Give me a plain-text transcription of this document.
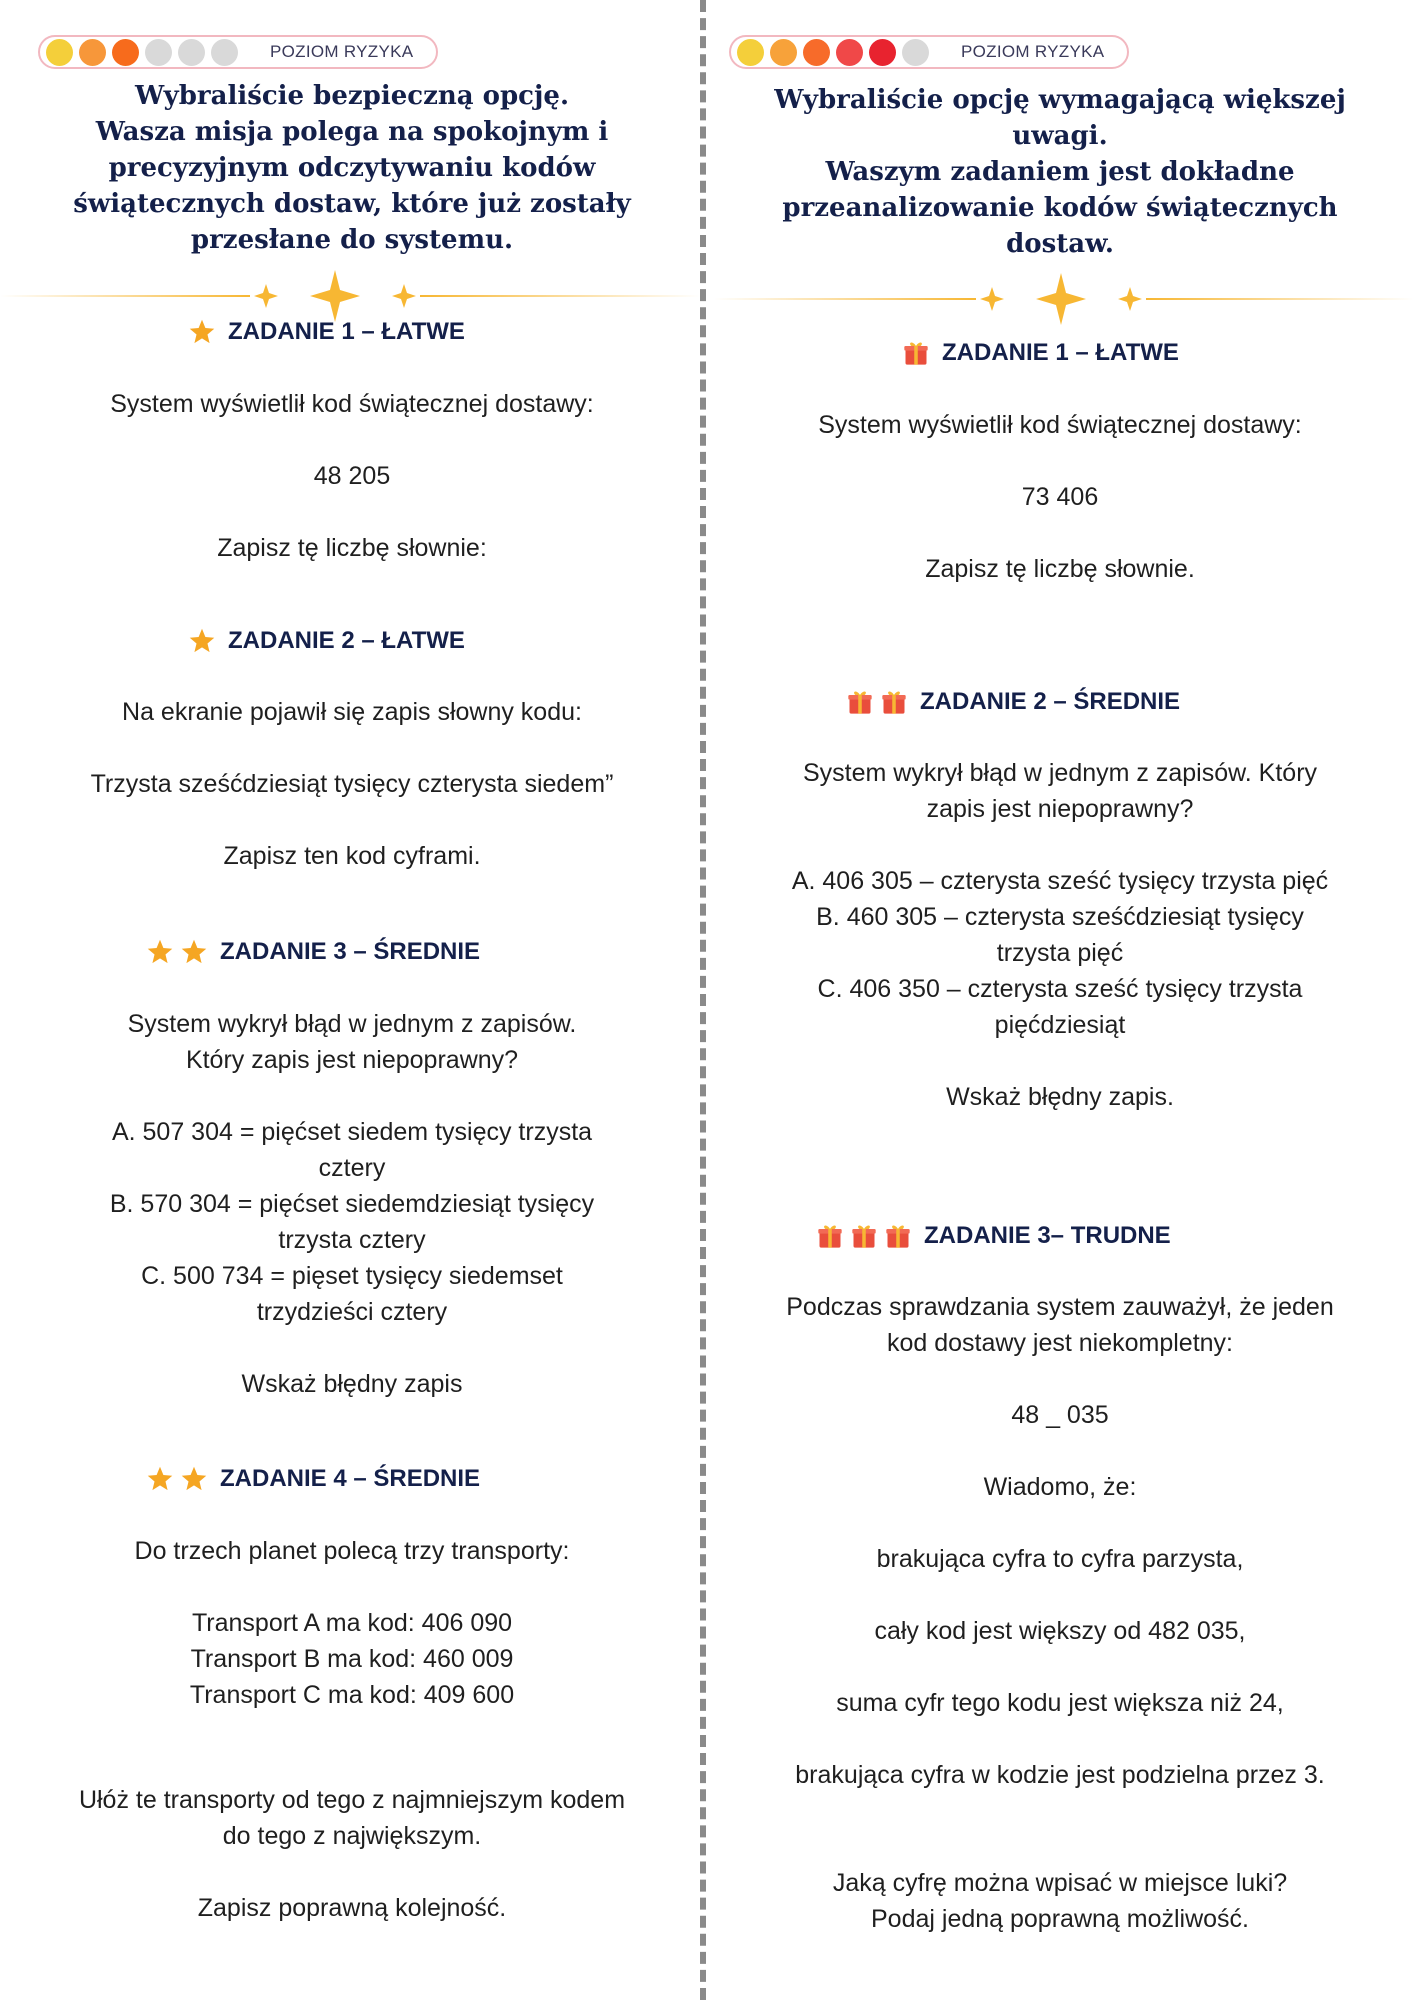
POZIOM RYZYKA
Wybraliście bezpieczną opcję.
Wasza misja polega na spokojnym i
precyzyjnym odczytywaniu kodów
świątecznych dostaw, które już zostały
przesłane do systemu.
ZADANIE 1 – ŁATWE
System wyświetlił kod świątecznej dostawy:
48 205
Zapisz tę liczbę słownie:
ZADANIE 2 – ŁATWE
Na ekranie pojawił się zapis słowny kodu:
Trzysta sześćdziesiąt tysięcy czterysta siedem”
Zapisz ten kod cyframi.
ZADANIE 3 – ŚREDNIE
System wykrył błąd w jednym z zapisów.
Który zapis jest niepoprawny?
A. 507 304 = pięćset siedem tysięcy trzysta
cztery
B. 570 304 = pięćset siedemdziesiąt tysięcy
trzysta cztery
C. 500 734 = pięset tysięcy siedemset
trzydzieści cztery
Wskaż błędny zapis
ZADANIE 4 – ŚREDNIE
Do trzech planet polecą trzy transporty:
Transport A ma kod: 406 090
Transport B ma kod: 460 009
Transport C ma kod: 409 600
Ułóż te transporty od tego z najmniejszym kodem
do tego z największym.
Zapisz poprawną kolejność.
POZIOM RYZYKA
Wybraliście opcję wymagającą większej
uwagi.
Waszym zadaniem jest dokładne
przeanalizowanie kodów świątecznych
dostaw.
ZADANIE 1 – ŁATWE
System wyświetlił kod świątecznej dostawy:
73 406
Zapisz tę liczbę słownie.
ZADANIE 2 – ŚREDNIE
System wykrył błąd w jednym z zapisów. Który
zapis jest niepoprawny?
A. 406 305 – czterysta sześć tysięcy trzysta pięć
B. 460 305 – czterysta sześćdziesiąt tysięcy
trzysta pięć
C. 406 350 – czterysta sześć tysięcy trzysta
pięćdziesiąt
Wskaż błędny zapis.
ZADANIE 3– TRUDNE
Podczas sprawdzania system zauważył, że jeden
kod dostawy jest niekompletny:
48 _ 035
Wiadomo, że:
brakująca cyfra to cyfra parzysta,
cały kod jest większy od 482 035,
suma cyfr tego kodu jest większa niż 24,
brakująca cyfra w kodzie jest podzielna przez 3.
Jaką cyfrę można wpisać w miejsce luki?
Podaj jedną poprawną możliwość.
